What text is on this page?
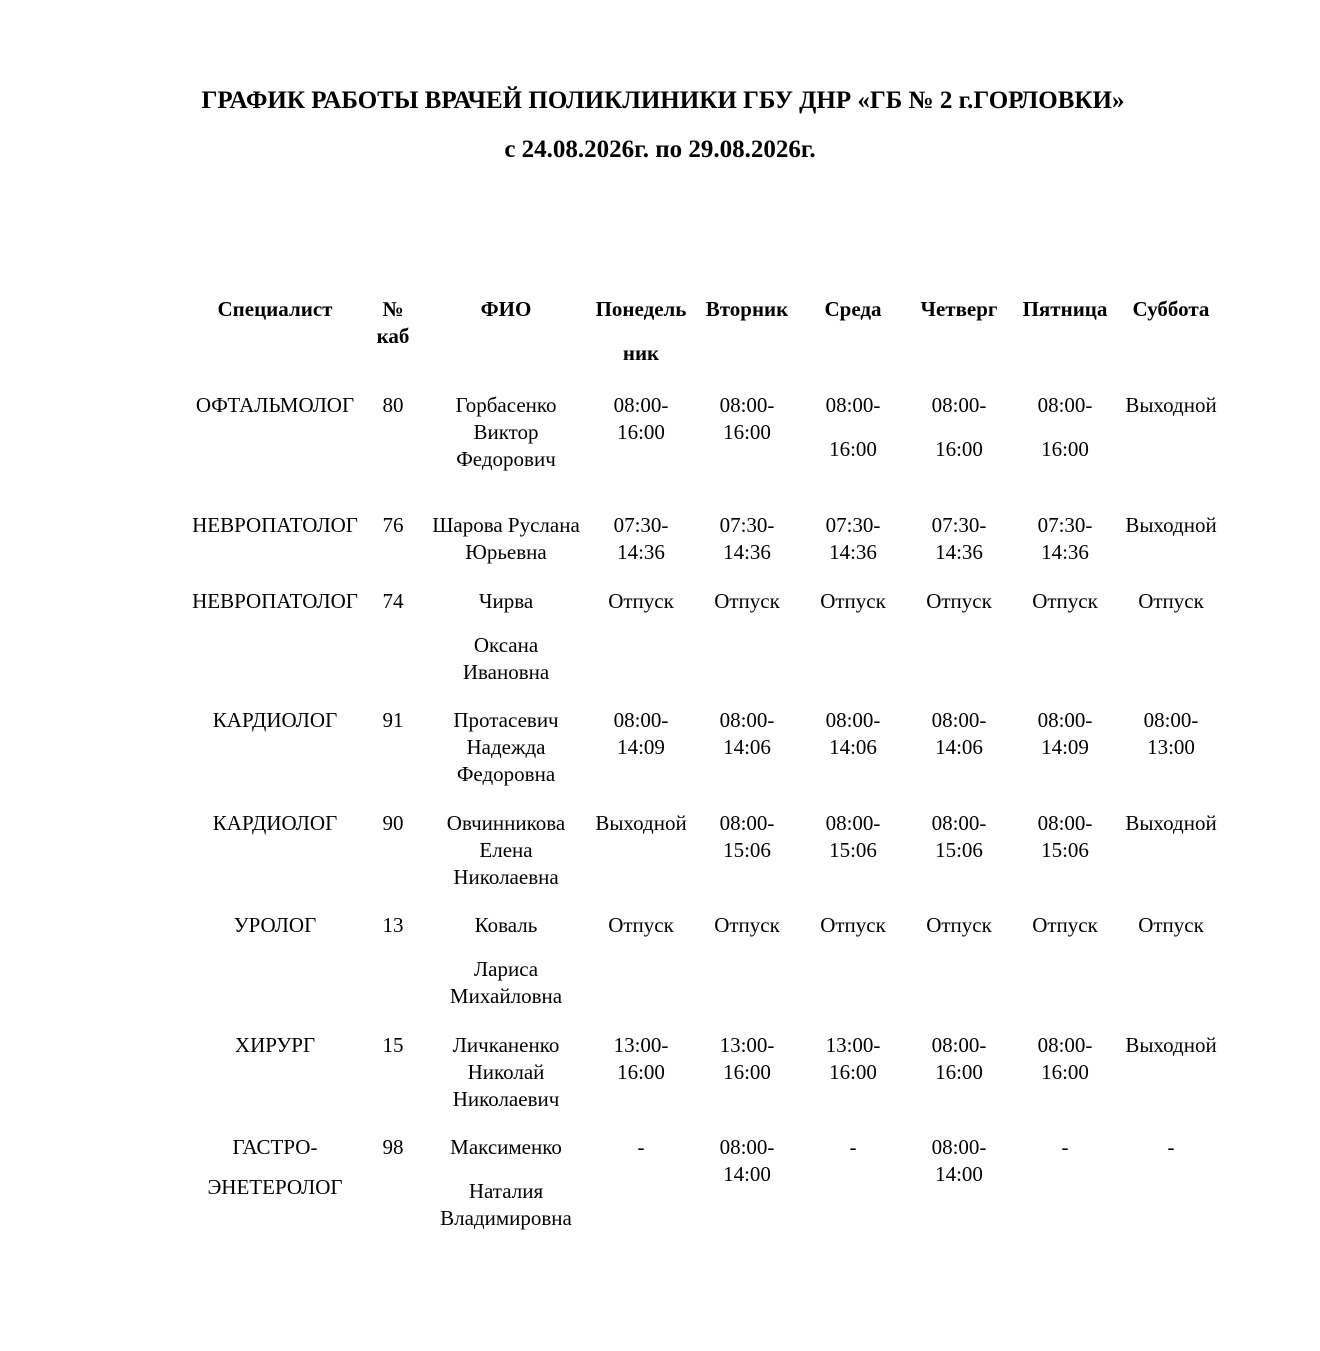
ГРАФИК РАБОТЫ ВРАЧЕЙ ПОЛИКЛИНИКИ ГБУ ДНР «ГБ № 2 г.ГОРЛОВКИ»
с 24.08.2026г. по 29.08.2026г.
Специалист	№
каб	ФИО	Понедель
ник	Вторник	Среда	Четверг	Пятница	Суббота
ОФТАЛЬМОЛОГ	80	Горбасенко
Виктор
Федорович	08:00-
16:00	08:00-
16:00	08:00-
16:00	08:00-
16:00	08:00-
16:00	Выходной
НЕВРОПАТОЛОГ	76	Шарова Руслана
Юрьевна	07:30-
14:36	07:30-
14:36	07:30-
14:36	07:30-
14:36	07:30-
14:36	Выходной
НЕВРОПАТОЛОГ	74	Чирва
Оксана
Ивановна	Отпуск	Отпуск	Отпуск	Отпуск	Отпуск	Отпуск
КАРДИОЛОГ	91	Протасевич
Надежда
Федоровна	08:00-
14:09	08:00-
14:06	08:00-
14:06	08:00-
14:06	08:00-
14:09	08:00-
13:00
КАРДИОЛОГ	90	Овчинникова
Елена
Николаевна	Выходной	08:00-
15:06	08:00-
15:06	08:00-
15:06	08:00-
15:06	Выходной
УРОЛОГ	13	Коваль
Лариса
Михайловна	Отпуск	Отпуск	Отпуск	Отпуск	Отпуск	Отпуск
ХИРУРГ	15	Личканенко
Николай
Николаевич	13:00-
16:00	13:00-
16:00	13:00-
16:00	08:00-
16:00	08:00-
16:00	Выходной
ГАСТРО-
ЭНЕТЕРОЛОГ	98	Максименко
Наталия
Владимировна	-	08:00-
14:00	-	08:00-
14:00	-	-
